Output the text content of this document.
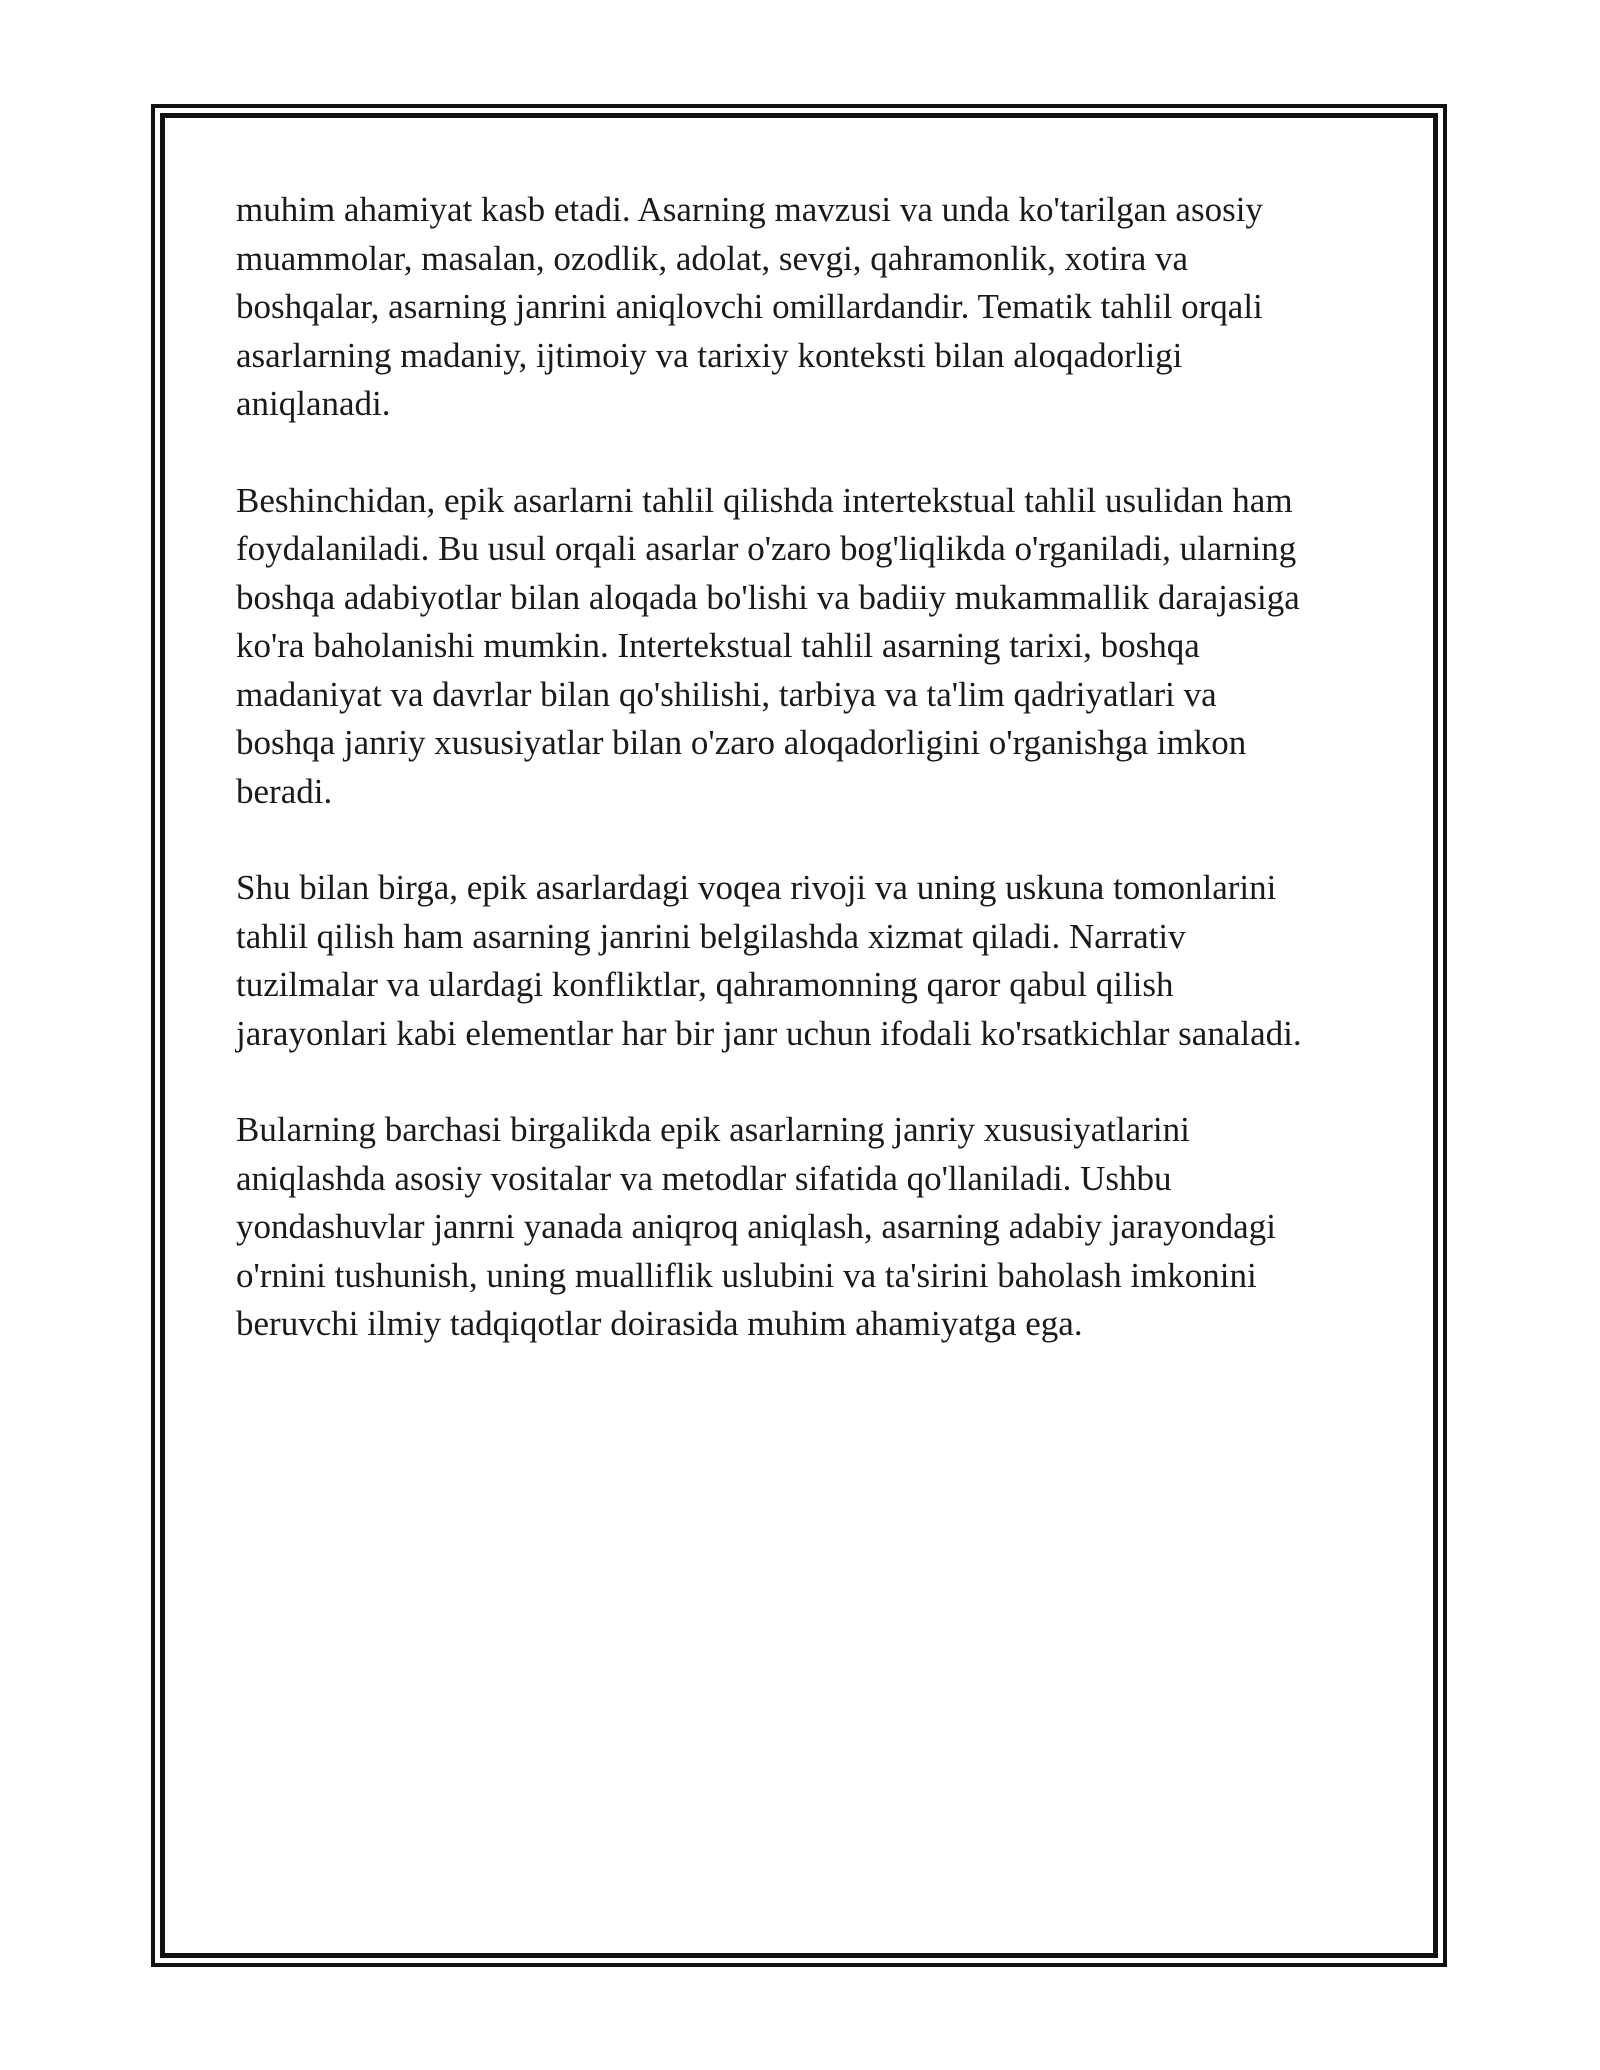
muhim ahamiyat kasb etadi. Asarning mavzusi va unda ko'tarilgan asosiy
muammolar, masalan, ozodlik, adolat, sevgi, qahramonlik, xotira va
boshqalar, asarning janrini aniqlovchi omillardandir. Tematik tahlil orqali
asarlarning madaniy, ijtimoiy va tarixiy konteksti bilan aloqadorligi
aniqlanadi.

Beshinchidan, epik asarlarni tahlil qilishda intertekstual tahlil usulidan ham
foydalaniladi. Bu usul orqali asarlar o'zaro bog'liqlikda o'rganiladi, ularning
boshqa adabiyotlar bilan aloqada bo'lishi va badiiy mukammallik darajasiga
ko'ra baholanishi mumkin. Intertekstual tahlil asarning tarixi, boshqa
madaniyat va davrlar bilan qo'shilishi, tarbiya va ta'lim qadriyatlari va
boshqa janriy xususiyatlar bilan o'zaro aloqadorligini o'rganishga imkon
beradi.

Shu bilan birga, epik asarlardagi voqea rivoji va uning uskuna tomonlarini
tahlil qilish ham asarning janrini belgilashda xizmat qiladi. Narrativ
tuzilmalar va ulardagi konfliktlar, qahramonning qaror qabul qilish
jarayonlari kabi elementlar har bir janr uchun ifodali ko'rsatkichlar sanaladi.

Bularning barchasi birgalikda epik asarlarning janriy xususiyatlarini
aniqlashda asosiy vositalar va metodlar sifatida qo'llaniladi. Ushbu
yondashuvlar janrni yanada aniqroq aniqlash, asarning adabiy jarayondagi
o'rnini tushunish, uning mualliflik uslubini va ta'sirini baholash imkonini
beruvchi ilmiy tadqiqotlar doirasida muhim ahamiyatga ega.
